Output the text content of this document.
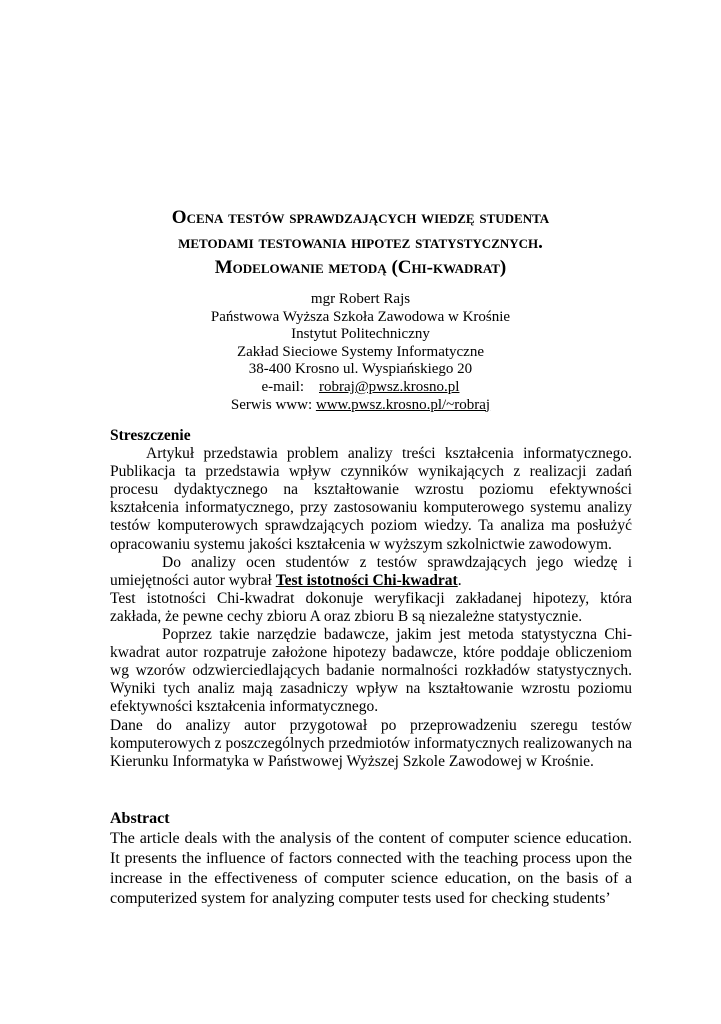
Ocena testów sprawdzających wiedzę studenta
metodami testowania hipotez statystycznych.
Modelowanie metodą (Chi-kwadrat)
mgr Robert Rajs
Państwowa Wyższa Szkoła Zawodowa w Krośnie
Instytut Politechniczny
Zakład Sieciowe Systemy Informatyczne
38-400 Krosno ul. Wyspiańskiego 20
e-mail: robraj@pwsz.krosno.pl
Serwis www: www.pwsz.krosno.pl/~robraj
Streszczenie

Artykuł przedstawia problem analizy treści kształcenia informatycznego. Publikacja ta przedstawia wpływ czynników wynikających z realizacji zadań procesu dydaktycznego na kształtowanie wzrostu poziomu efektywności kształcenia informatycznego, przy zastosowaniu komputerowego systemu analizy testów komputerowych sprawdzających poziom wiedzy. Ta analiza ma posłużyć opracowaniu systemu jakości kształcenia w wyższym szkolnictwie zawodowym.

Do analizy ocen studentów z testów sprawdzających jego wiedzę i umiejętności autor wybrał Test istotności Chi-kwadrat.

Test istotności Chi-kwadrat dokonuje weryfikacji zakładanej hipotezy, która zakłada, że pewne cechy zbioru A oraz zbioru B są niezależne statystycznie.

Poprzez takie narzędzie badawcze, jakim jest metoda statystyczna Chi-kwadrat autor rozpatruje założone hipotezy badawcze, które poddaje obliczeniom wg wzorów odzwierciedlających badanie normalności rozkładów statystycznych. Wyniki tych analiz mają zasadniczy wpływ na kształtowanie wzrostu poziomu efektywności kształcenia informatycznego.

Dane do analizy autor przygotował po przeprowadzeniu szeregu testów komputerowych z poszczególnych przedmiotów informatycznych realizowanych na Kierunku Informatyka w Państwowej Wyższej Szkole Zawodowej w Krośnie.

Abstract

The article deals with the analysis of the content of computer science education. It presents the influence of factors connected with the teaching process upon the increase in the effectiveness of computer science education, on the basis of a computerized system for analyzing computer tests used for checking students’
